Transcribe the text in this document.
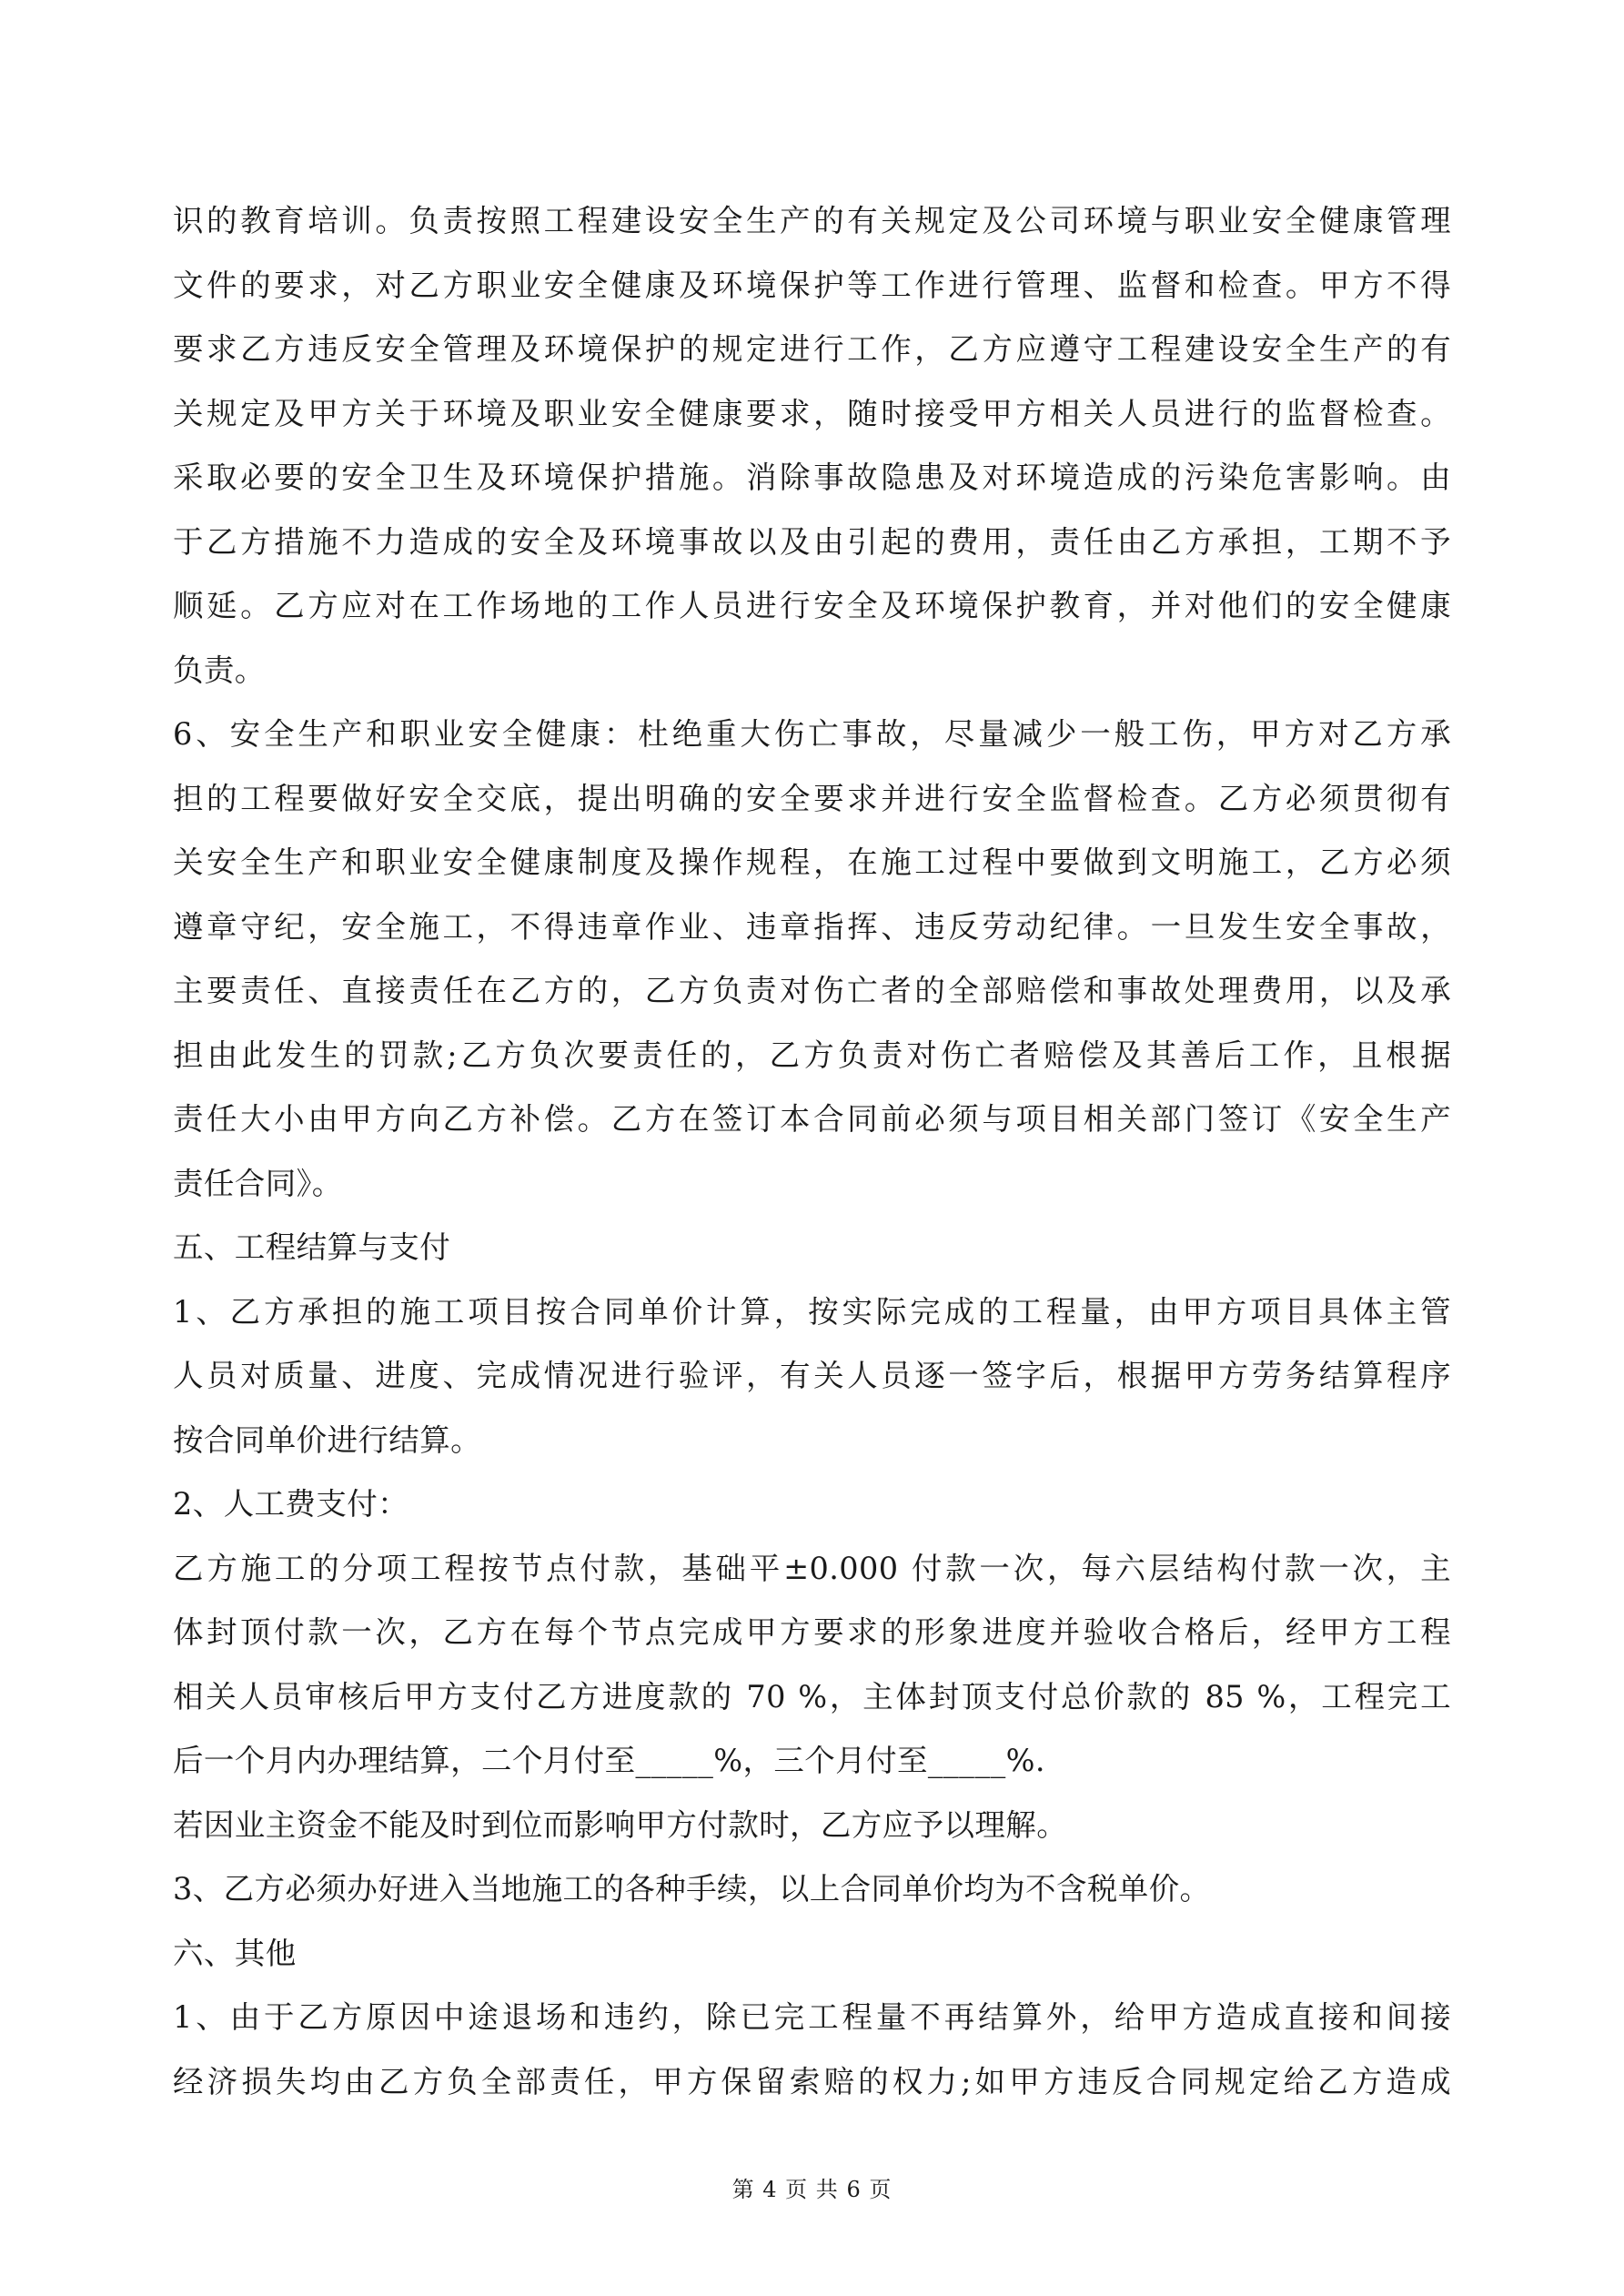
识的教育培训。负责按照工程建设安全生产的有关规定及公司环境与职业安全健康管理
文件的要求，对乙方职业安全健康及环境保护等工作进行管理、监督和检查。甲方不得
要求乙方违反安全管理及环境保护的规定进行工作，乙方应遵守工程建设安全生产的有
关规定及甲方关于环境及职业安全健康要求，随时接受甲方相关人员进行的监督检查。
采取必要的安全卫生及环境保护措施。消除事故隐患及对环境造成的污染危害影响。由
于乙方措施不力造成的安全及环境事故以及由引起的费用，责任由乙方承担，工期不予
顺延。乙方应对在工作场地的工作人员进行安全及环境保护教育，并对他们的安全健康
负责。
6、安全生产和职业安全健康：杜绝重大伤亡事故，尽量减少一般工伤，甲方对乙方承
担的工程要做好安全交底，提出明确的安全要求并进行安全监督检查。乙方必须贯彻有
关安全生产和职业安全健康制度及操作规程，在施工过程中要做到文明施工，乙方必须
遵章守纪，安全施工，不得违章作业、违章指挥、违反劳动纪律。一旦发生安全事故，
主要责任、直接责任在乙方的，乙方负责对伤亡者的全部赔偿和事故处理费用，以及承
担由此发生的罚款;乙方负次要责任的，乙方负责对伤亡者赔偿及其善后工作，且根据
责任大小由甲方向乙方补偿。乙方在签订本合同前必须与项目相关部门签订《安全生产
责任合同》。
五、工程结算与支付
1、乙方承担的施工项目按合同单价计算，按实际完成的工程量，由甲方项目具体主管
人员对质量、进度、完成情况进行验评，有关人员逐一签字后，根据甲方劳务结算程序
按合同单价进行结算。
2、人工费支付：
乙方施工的分项工程按节点付款，基础平±0.000 付款一次，每六层结构付款一次，主
体封顶付款一次，乙方在每个节点完成甲方要求的形象进度并验收合格后，经甲方工程
相关人员审核后甲方支付乙方进度款的 70 %，主体封顶支付总价款的 85 %，工程完工
后一个月内办理结算，二个月付至_____%，三个月付至_____%.
若因业主资金不能及时到位而影响甲方付款时，乙方应予以理解。
3、乙方必须办好进入当地施工的各种手续，以上合同单价均为不含税单价。
六、其他
1、由于乙方原因中途退场和违约，除已完工程量不再结算外，给甲方造成直接和间接
经济损失均由乙方负全部责任，甲方保留索赔的权力;如甲方违反合同规定给乙方造成
第 4 页 共 6 页
